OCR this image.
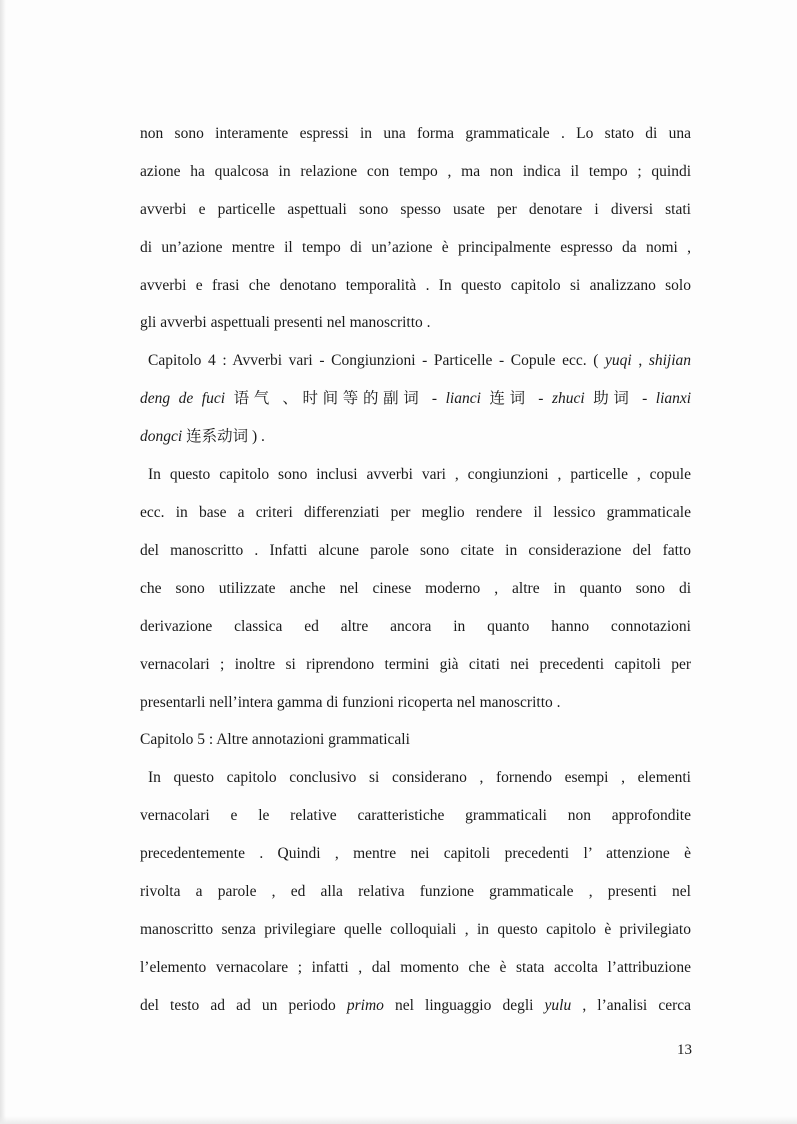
non sono interamente espressi in una forma grammaticale . Lo stato di una
azione ha qualcosa in relazione con tempo , ma non indica il tempo ; quindi
avverbi e particelle aspettuali sono spesso usate per denotare i diversi stati
di un’azione mentre il tempo di un’azione è principalmente espresso da nomi ,
avverbi e frasi che denotano temporalità . In questo capitolo si analizzano solo
gli avverbi aspettuali presenti nel manoscritto .
Capitolo 4 : Avverbi vari - Congiunzioni - Particelle - Copule ecc. ( yuqi , shijian
deng de fuci 语气 、时间等的副词 - lianci 连词 - zhuci 助词 - lianxi
dongci 连系动词 ) .
In questo capitolo sono inclusi avverbi vari , congiunzioni , particelle , copule
ecc. in base a criteri differenziati per meglio rendere il lessico grammaticale
del manoscritto . Infatti alcune parole sono citate in considerazione del fatto
che sono utilizzate anche nel cinese moderno , altre in quanto sono di
derivazione classica ed altre ancora in quanto hanno connotazioni
vernacolari ; inoltre si riprendono termini già citati nei precedenti capitoli per
presentarli nell’intera gamma di funzioni ricoperta nel manoscritto .
Capitolo 5 : Altre annotazioni grammaticali
In questo capitolo conclusivo si considerano , fornendo esempi , elementi
vernacolari e le relative caratteristiche grammaticali non approfondite
precedentemente . Quindi , mentre nei capitoli precedenti l’ attenzione è
rivolta a parole , ed alla relativa funzione grammaticale , presenti nel
manoscritto senza privilegiare quelle colloquiali , in questo capitolo è privilegiato
l’elemento vernacolare ; infatti , dal momento che è stata accolta l’attribuzione
del testo ad ad un periodo primo nel linguaggio degli yulu , l’analisi cerca
13
